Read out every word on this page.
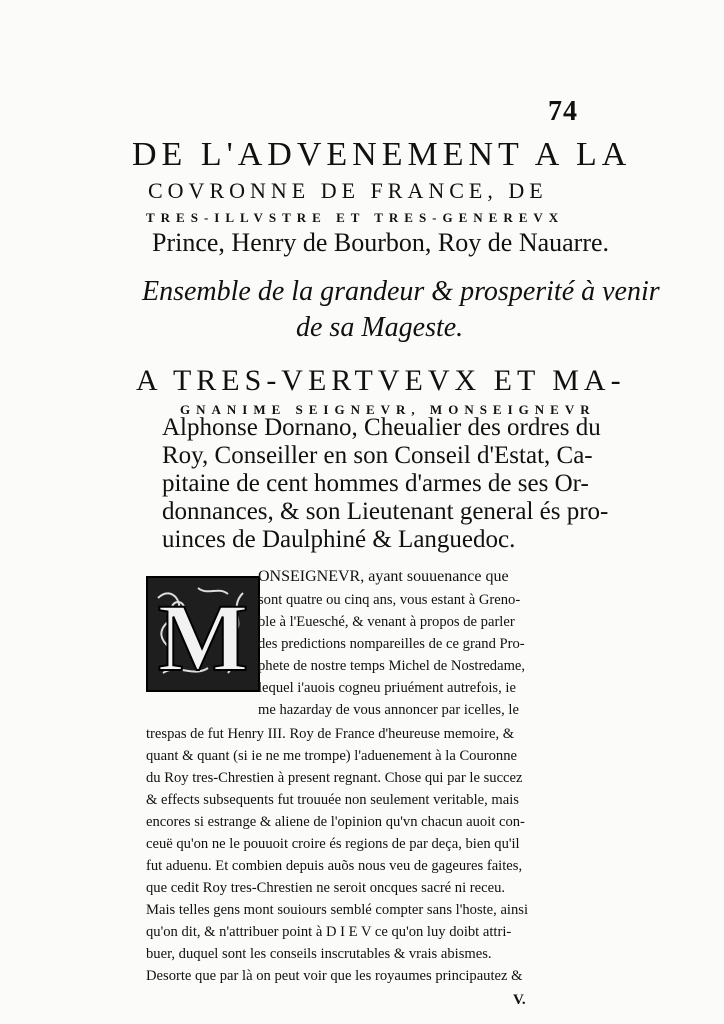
74
DE L'ADVENEMENT A LA
COVRONNE DE FRANCE, DE
TRES-ILLVSTRE ET TRES-GENEREVX
Prince, Henry de Bourbon, Roy de Nauarre.
Ensemble de la grandeur & prosperité à venir
de sa Mageste.
A TRES-VERTVEVX ET MA-
GNANIME SEIGNEVR, MONSEIGNEVR
Alphonse Dornano, Cheualier des ordres du
Roy, Conseiller en son Conseil d'Estat, Ca-
pitaine de cent hommes d'armes de ses Or-
donnances, & son Lieutenant general és pro-
uinces de Daulphiné & Languedoc.
M
ONSEIGNEVR, ayant souuenance que
sont quatre ou cinq ans, vous estant à Greno-
ble à l'Euesché, & venant à propos de parler
des predictions nompareilles de ce grand Pro-
phete de nostre temps Michel de Nostredame,
lequel i'auois cogneu priuément autrefois, ie
me hazarday de vous annoncer par icelles, le
trespas de fut Henry III. Roy de France d'heureuse memoire, &
quant & quant (si ie ne me trompe) l'aduenement à la Couronne
du Roy tres-Chrestien à present regnant. Chose qui par le succez
& effects subsequents fut trouuée non seulement veritable, mais
encores si estrange & aliene de l'opinion qu'vn chacun auoit con-
ceuë qu'on ne le pouuoit croire és regions de par deça, bien qu'il
fut aduenu. Et combien depuis auõs nous veu de gageures faites,
que cedit Roy tres-Chrestien ne seroit oncques sacré ni receu.
Mais telles gens mont souiours semblé compter sans l'hoste, ainsi
qu'on dit, & n'attribuer point à D I E V ce qu'on luy doibt attri-
buer, duquel sont les conseils inscrutables & vrais abismes.
Desorte que par là on peut voir que les royaumes principautez &
V.
